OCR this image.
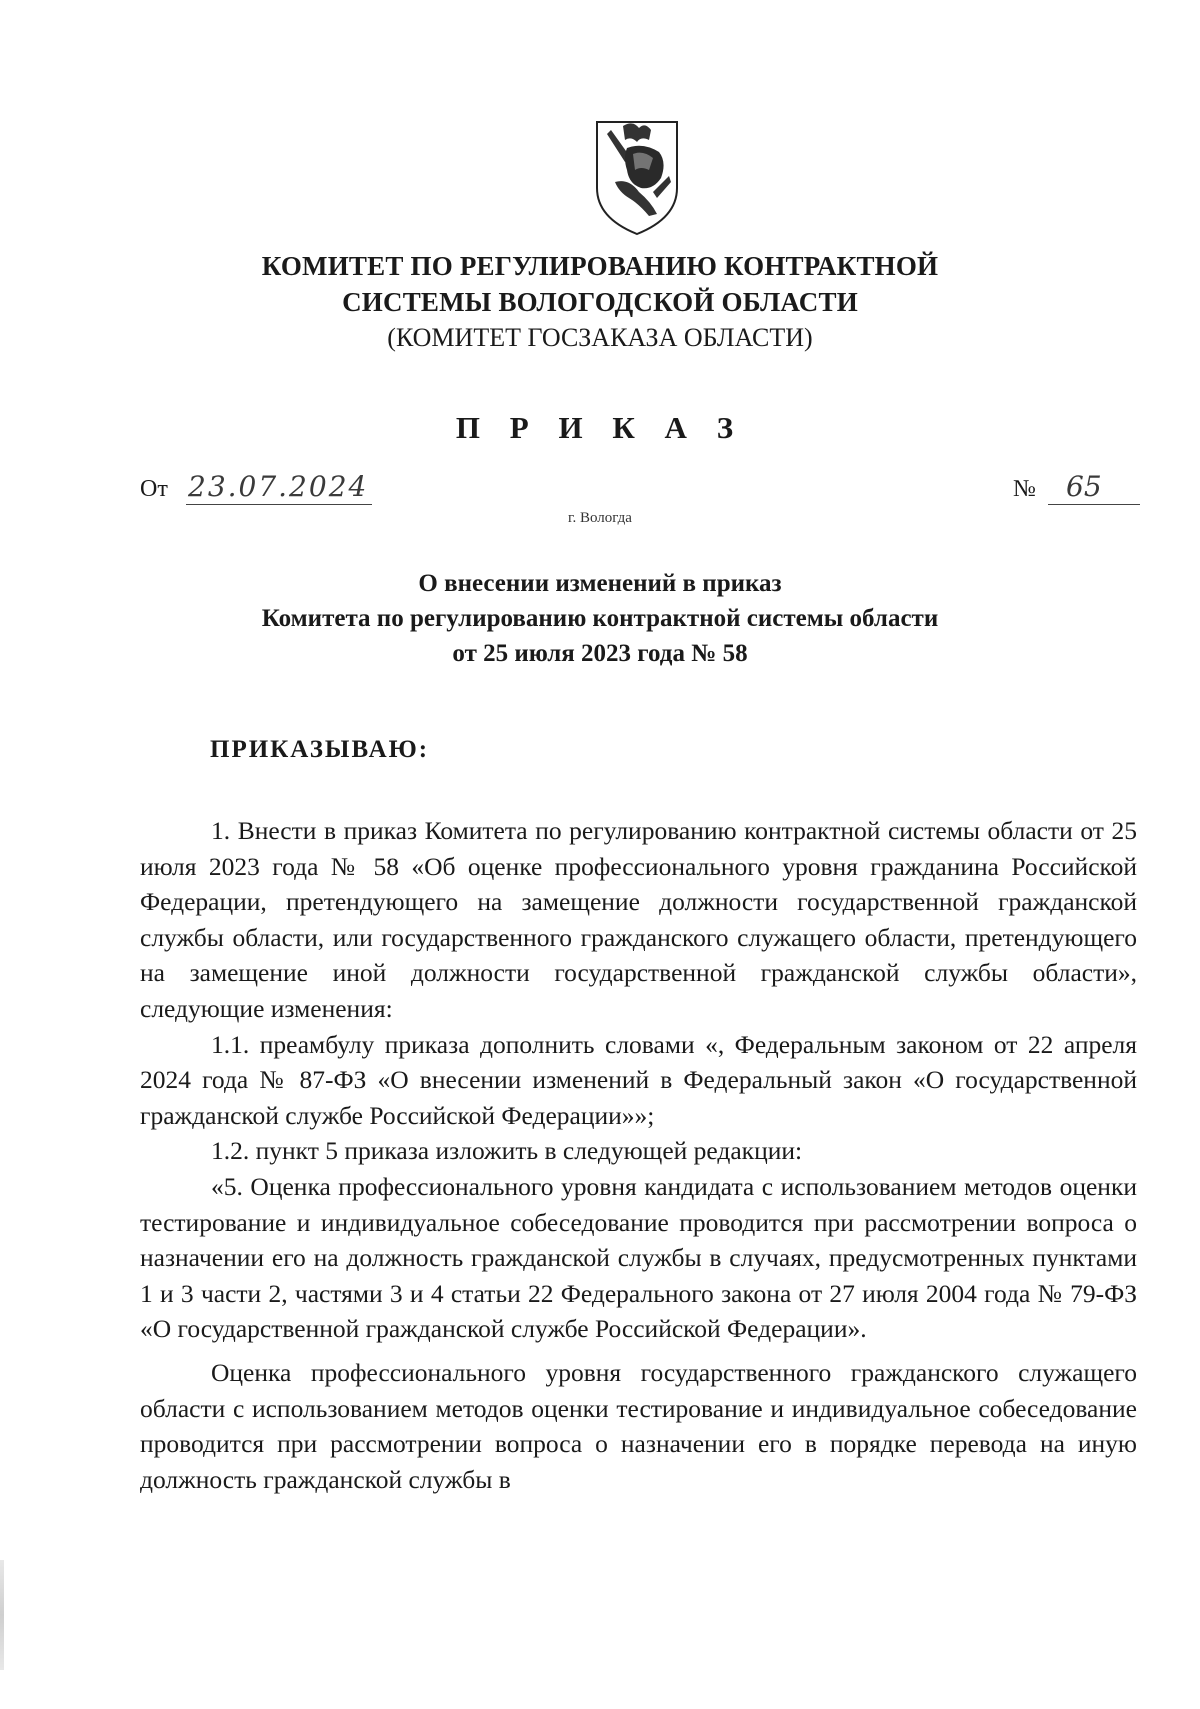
КОМИТЕТ ПО РЕГУЛИРОВАНИЮ КОНТРАКТНОЙ
СИСТЕМЫ ВОЛОГОДСКОЙ ОБЛАСТИ
(КОМИТЕТ ГОСЗАКАЗА ОБЛАСТИ)
П Р И К А З
От 23.07.2024	№	65
г. Вологда
О внесении изменений в приказ
Комитета по регулированию контрактной системы области
от 25 июля 2023 года № 58
ПРИКАЗЫВАЮ:

1. Внести в приказ Комитета по регулированию контрактной системы области от 25 июля 2023 года № 58 «Об оценке профессионального уровня гражданина Российской Федерации, претендующего на замещение должности государственной гражданской службы области, или государственного гражданского служащего области, претендующего на замещение иной должности государственной гражданской службы области», следующие изменения:

1.1. преамбулу приказа дополнить словами «, Федеральным законом от 22 апреля 2024 года № 87-ФЗ «О внесении изменений в Федеральный закон «О государственной гражданской службе Российской Федерации»»;

1.2. пункт 5 приказа изложить в следующей редакции:

«5. Оценка профессионального уровня кандидата с использованием методов оценки тестирование и индивидуальное собеседование проводится при рассмотрении вопроса о назначении его на должность гражданской службы в случаях, предусмотренных пунктами 1 и 3 части 2, частями 3 и 4 статьи 22 Федерального закона от 27 июля 2004 года № 79-ФЗ «О государственной гражданской службе Российской Федерации».

Оценка профессионального уровня государственного гражданского служащего области с использованием методов оценки тестирование и индивидуальное собеседование проводится при рассмотрении вопроса о назначении его в порядке перевода на иную должность гражданской службы в
